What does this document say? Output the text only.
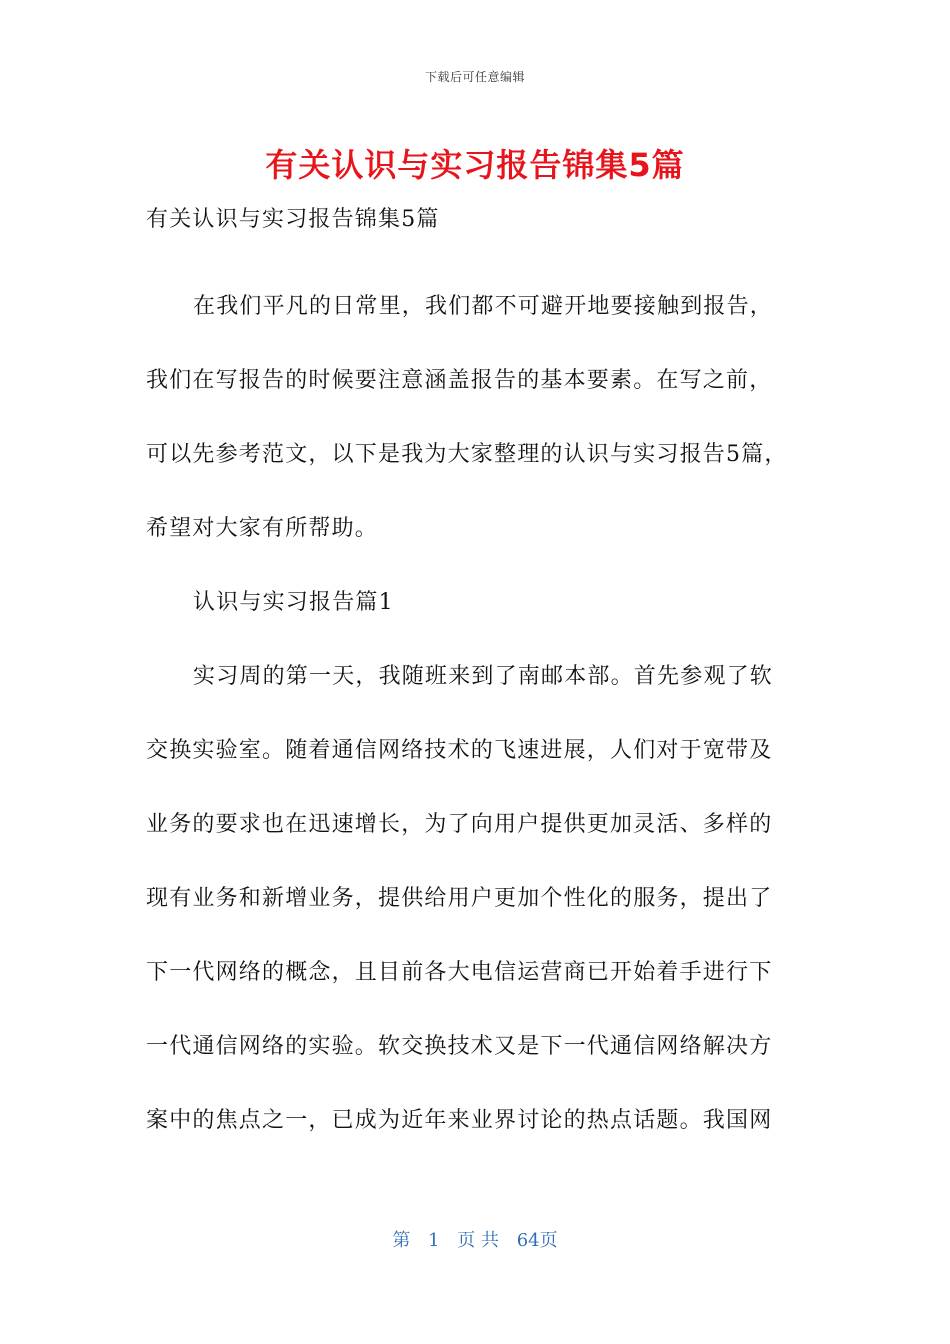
下载后可任意编辑
有关认识与实习报告锦集5篇
有关认识与实习报告锦集5篇
在我们平凡的日常里，我们都不可避开地要接触到报告，
我们在写报告的时候要注意涵盖报告的基本要素。在写之前，
可以先参考范文，以下是我为大家整理的认识与实习报告5篇，
希望对大家有所帮助。
认识与实习报告篇1
实习周的第一天，我随班来到了南邮本部。首先参观了软
交换实验室。随着通信网络技术的飞速进展，人们对于宽带及
业务的要求也在迅速增长，为了向用户提供更加灵活、多样的
现有业务和新增业务，提供给用户更加个性化的服务，提出了
下一代网络的概念，且目前各大电信运营商已开始着手进行下
一代通信网络的实验。软交换技术又是下一代通信网络解决方
案中的焦点之一，已成为近年来业界讨论的热点话题。我国网
第 1 页 共 64页
